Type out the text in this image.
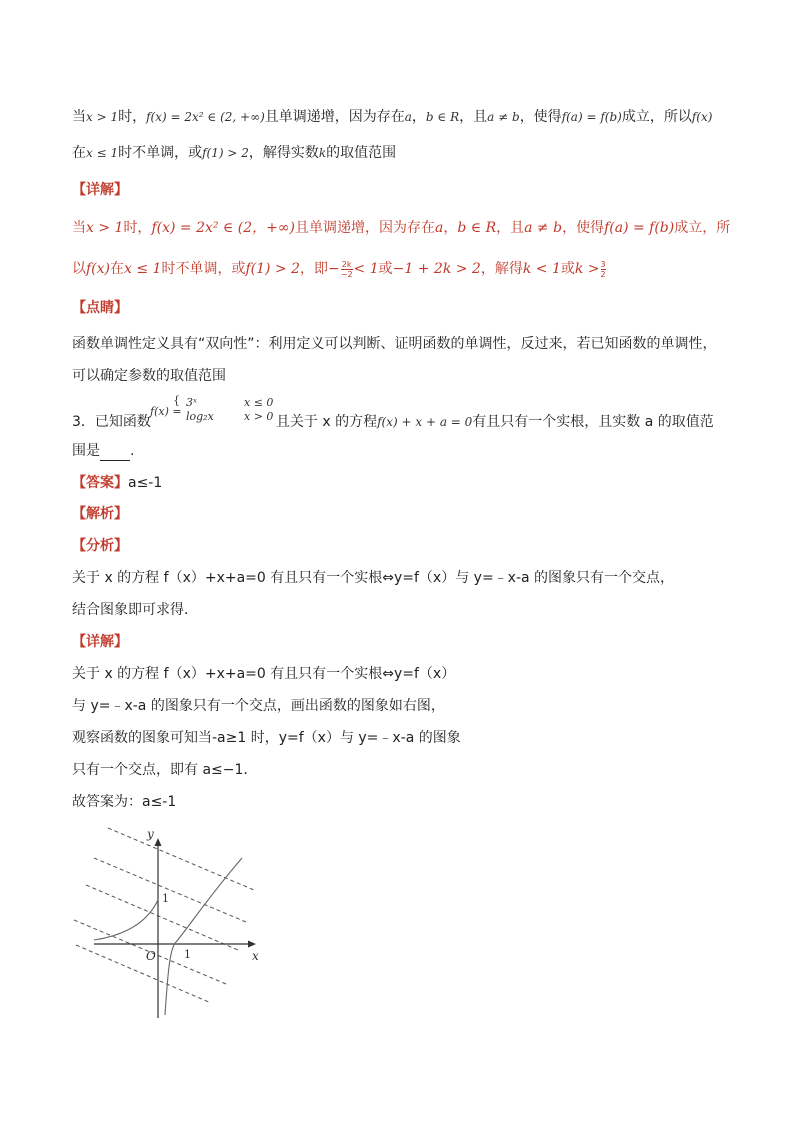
当x > 1时，f(x) = 2x² ∈ (2, +∞)且单调递增，因为存在a，b ∈ R，且a ≠ b，使得f(a) = f(b)成立，所以f(x)
在x ≤ 1时不单调，或f(1) > 2，解得实数k的取值范围
【详解】
当x > 1时，f(x) = 2x² ∈ (2，+∞)且单调递增，因为存在a，b ∈ R，且a ≠ b，使得f(a) = f(b)成立，所
以f(x)在x ≤ 1时不单调，或f(1) > 2，即− $\frac{2k}{-2} < 1$或−1 + 2k > 2，解得k < 1或$k > \frac{3}{2}$
【点睛】
函数单调性定义具有“双向性”：利用定义可以判断、证明函数的单调性，反过来，若已知函数的单调性，
可以确定参数的取值范围
3．已知函数	且关于 x 的方程f(x) + x + a = 0有且只有一个实根，且实数 a 的取值范
f(x) =
{ 3ˣ
log₂x
x ≤ 0
x > 0
围是 .
【答案】a≤-1
【解析】
【分析】
关于 x 的方程 f（x）+x+a=0 有且只有一个实根⇔y=f（x）与 y=﹣x-a 的图象只有一个交点，
结合图象即可求得．
【详解】
关于 x 的方程 f（x）+x+a=0 有且只有一个实根⇔y=f（x）
与 y=﹣x-a 的图象只有一个交点，画出函数的图象如右图，
观察函数的图象可知当-a≥1 时，y=f（x）与 y=﹣x-a 的图象
只有一个交点，即有 a≤−1．
故答案为：a≤-1
y
x
O
1
1
